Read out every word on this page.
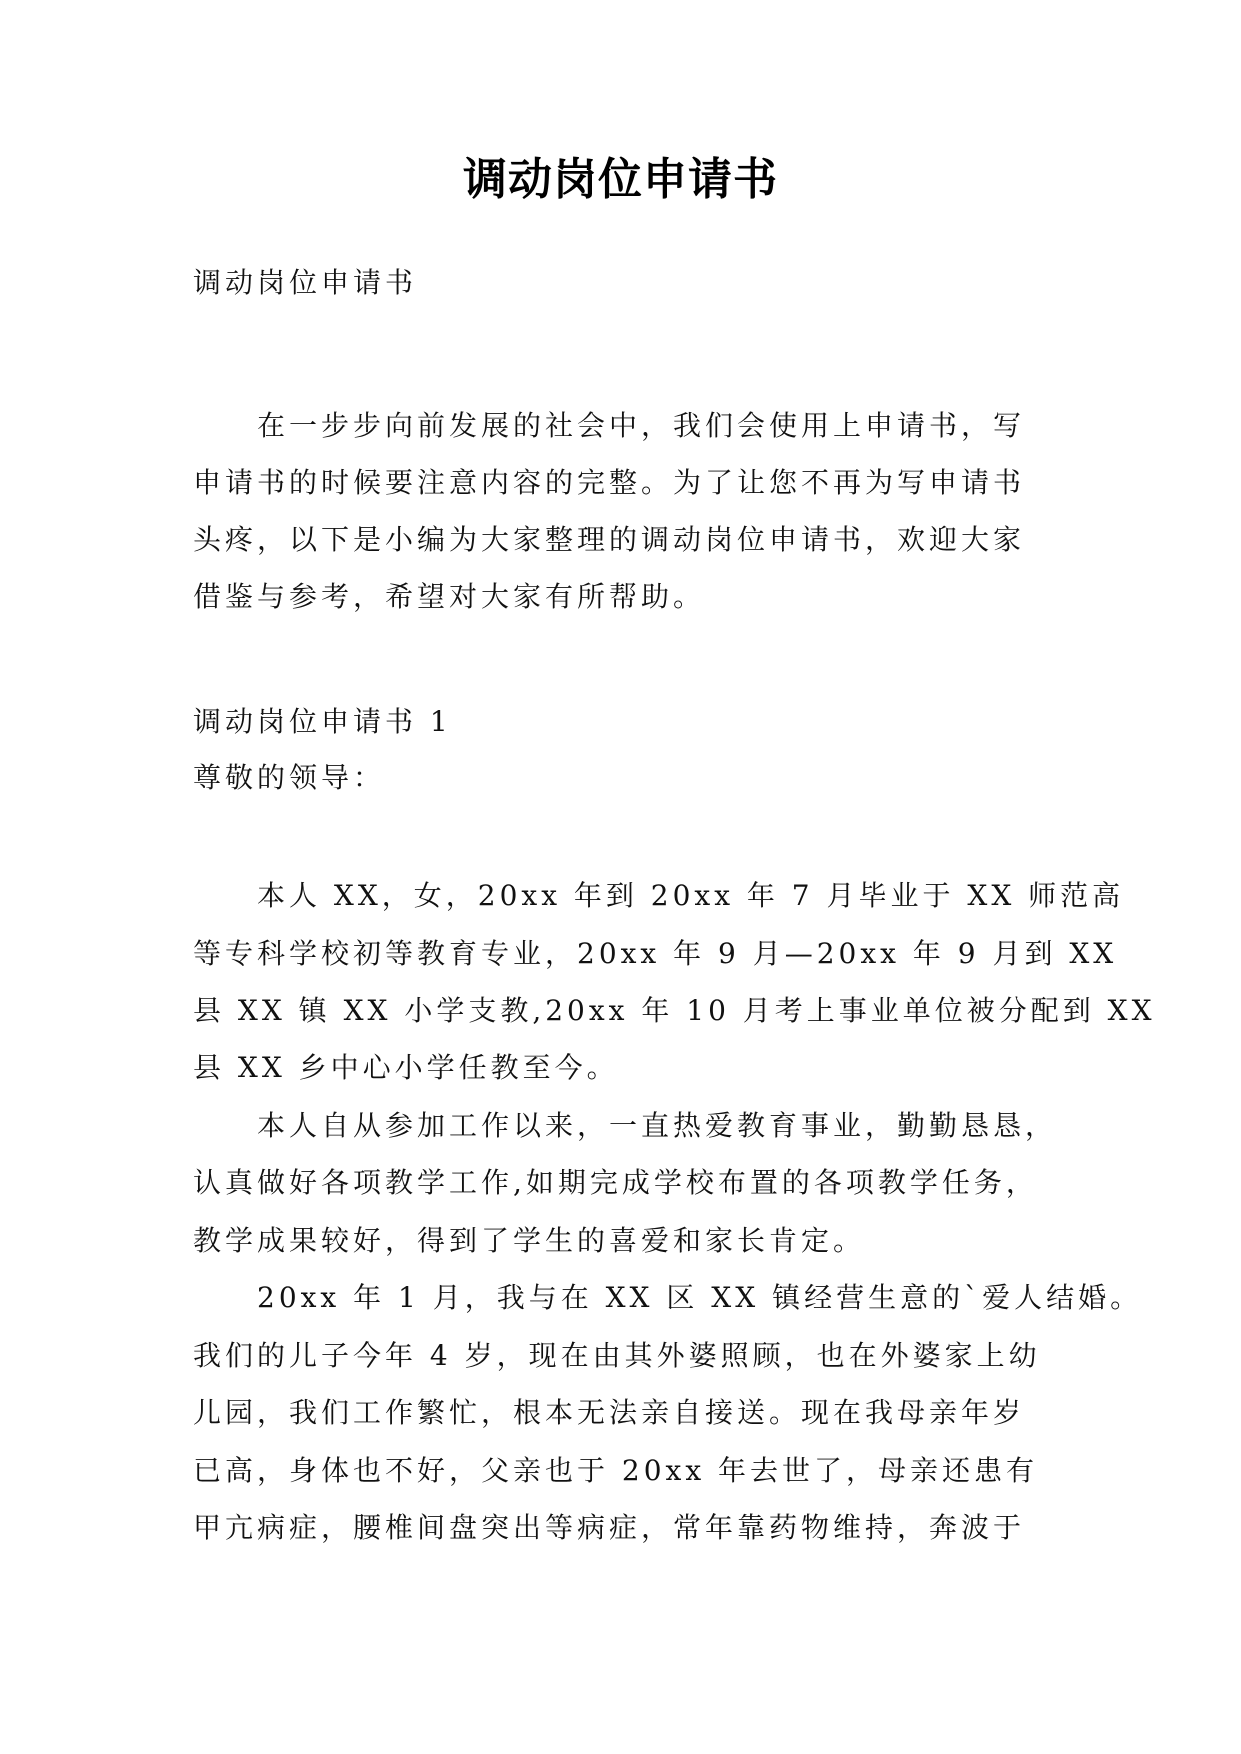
调动岗位申请书
调动岗位申请书
　　在一步步向前发展的社会中，我们会使用上申请书，写
申请书的时候要注意内容的完整。为了让您不再为写申请书
头疼，以下是小编为大家整理的调动岗位申请书，欢迎大家
借鉴与参考，希望对大家有所帮助。
调动岗位申请书 1
尊敬的领导：
　　本人 XX，女，20xx 年到 20xx 年 7 月毕业于 XX 师范高
等专科学校初等教育专业，20xx 年 9 月—20xx 年 9 月到 XX
县 XX 镇 XX 小学支教,20xx 年 10 月考上事业单位被分配到 XX
县 XX 乡中心小学任教至今。
　　本人自从参加工作以来，一直热爱教育事业，勤勤恳恳，
认真做好各项教学工作,如期完成学校布置的各项教学任务，
教学成果较好，得到了学生的喜爱和家长肯定。
　　20xx 年 1 月，我与在 XX 区 XX 镇经营生意的`爱人结婚。
我们的儿子今年 4 岁，现在由其外婆照顾，也在外婆家上幼
儿园，我们工作繁忙，根本无法亲自接送。现在我母亲年岁
已高，身体也不好，父亲也于 20xx 年去世了，母亲还患有
甲亢病症，腰椎间盘突出等病症，常年靠药物维持，奔波于
